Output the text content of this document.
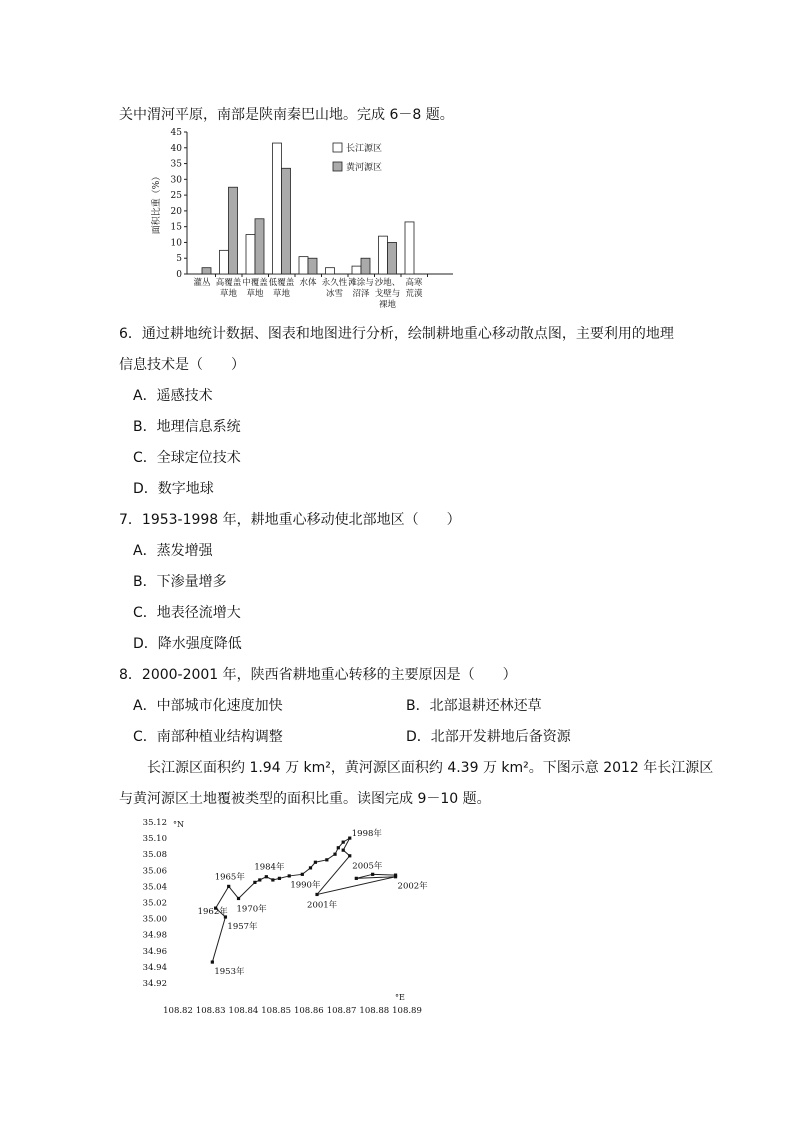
关中渭河平原，南部是陕南秦巴山地。完成 6－8 题。
0
5
10
15
20
25
30
35
40
45
面积比重（%）
灌丛 高覆盖
草地
中覆盖
草地
低覆盖
草地
水体 永久性
冰雪
滩涂与
沼泽
沙地、
戈壁与
裸地
高寒
荒漠
长江源区
黄河源区
6．通过耕地统计数据、图表和地图进行分析，绘制耕地重心移动散点图，主要利用的地理
信息技术是（　　）
A．遥感技术
B．地理信息系统
C．全球定位技术
D．数字地球
7．1953-1998 年，耕地重心移动使北部地区（　　）
A．蒸发增强
B．下渗量增多
C．地表径流增大
D．降水强度降低
8．2000-2001 年，陕西省耕地重心转移的主要原因是（　　）
A．中部城市化速度加快	B．北部退耕还林还草
C．南部种植业结构调整	D．北部开发耕地后备资源
长江源区面积约 1.94 万 km²，黄河源区面积约 4.39 万 km²。下图示意 2012 年长江源区
与黄河源区土地覆被类型的面积比重。读图完成 9－10 题。
°N
34.92
34.94
34.96
34.98
35.00
35.02
35.04
35.06
35.08
35.10
35.12
108.82 108.83 108.84 108.85 108.86 108.87 108.88 108.89
°E
1953年
1957年
1962年
1965年
1970年
1984年
1990年
1998年
2001年
2002年
2005年
